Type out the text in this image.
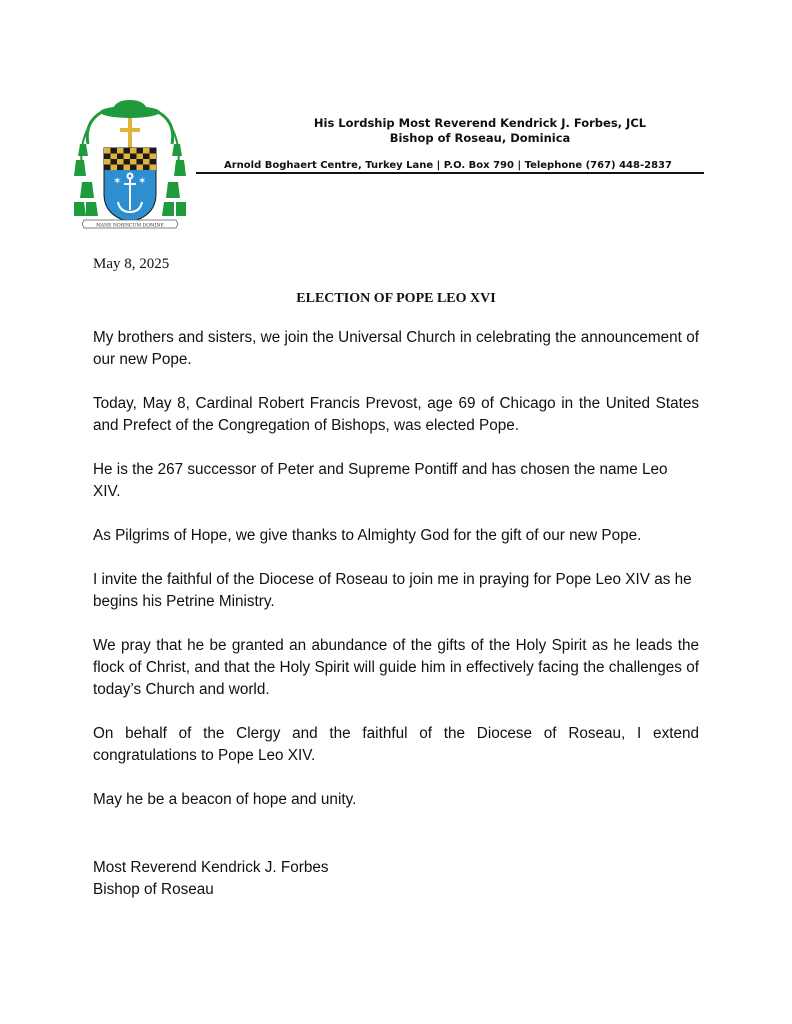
✶ ✶
MANE NOBISCUM DOMINE
His Lordship Most Reverend Kendrick J. Forbes, JCL
Bishop of Roseau, Dominica
Arnold Boghaert Centre, Turkey Lane | P.O. Box 790 | Telephone (767) 448-2837
May 8, 2025
ELECTION OF POPE LEO XVI

My brothers and sisters, we join the Universal Church in celebrating the announcement of our new Pope.

Today, May 8, Cardinal Robert Francis Prevost, age 69 of Chicago in the United States and Prefect of the Congregation of Bishops, was elected Pope.

He is the 267 successor of Peter and Supreme Pontiff and has chosen the name Leo XIV.

As Pilgrims of Hope, we give thanks to Almighty God for the gift of our new Pope.

I invite the faithful of the Diocese of Roseau to join me in praying for Pope Leo XIV as he begins his Petrine Ministry.

We pray that he be granted an abundance of the gifts of the Holy Spirit as he leads the flock of Christ, and that the Holy Spirit will guide him in effectively facing the challenges of today’s Church and world.

On behalf of the Clergy and the faithful of the Diocese of Roseau, I extend congratulations to Pope Leo XIV.

May he be a beacon of hope and unity.

Most Reverend Kendrick J. Forbes
Bishop of Roseau
